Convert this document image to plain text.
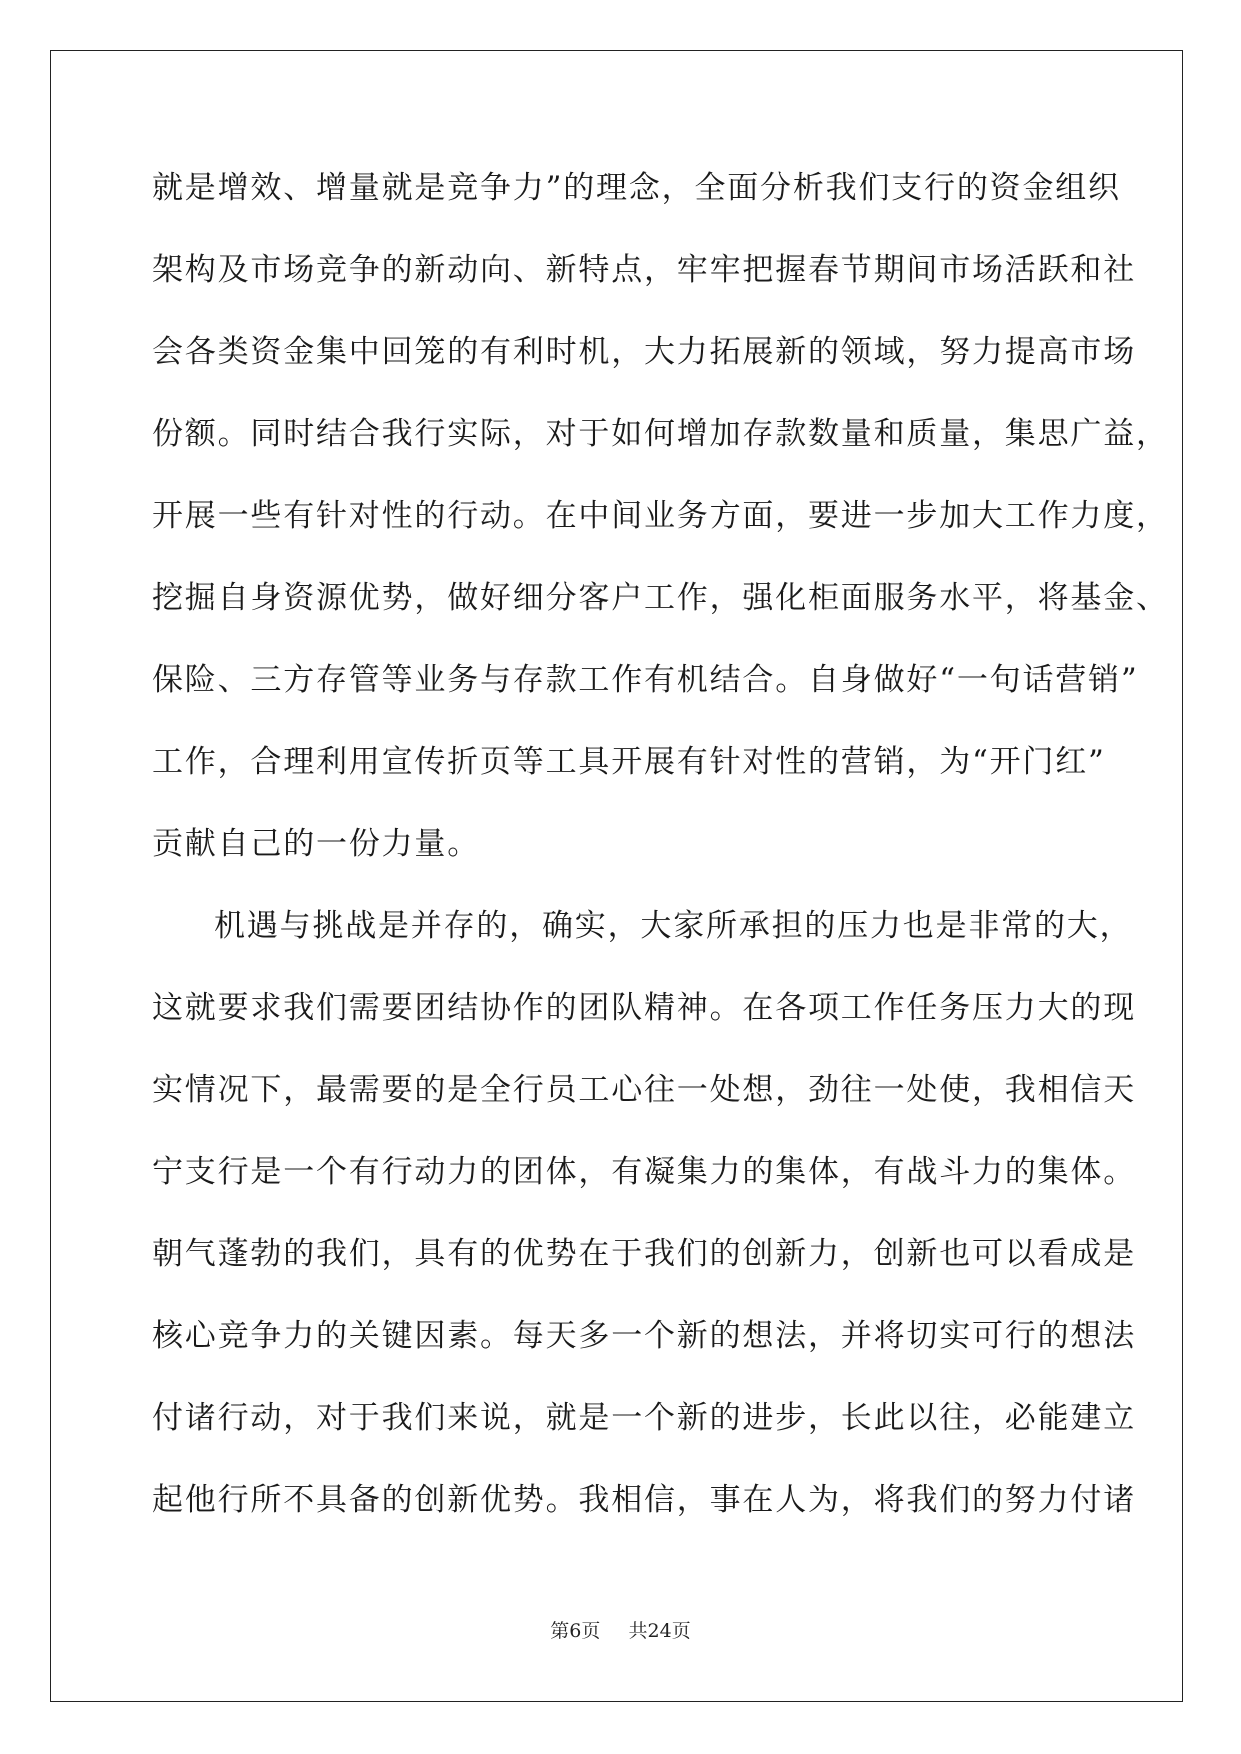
就是增效、增量就是竞争力”的理念，全面分析我们支行的资金组织
架构及市场竞争的新动向、新特点，牢牢把握春节期间市场活跃和社
会各类资金集中回笼的有利时机，大力拓展新的领域，努力提高市场
份额。同时结合我行实际，对于如何增加存款数量和质量，集思广益，
开展一些有针对性的行动。在中间业务方面，要进一步加大工作力度，
挖掘自身资源优势，做好细分客户工作，强化柜面服务水平，将基金、
保险、三方存管等业务与存款工作有机结合。自身做好“一句话营销”
工作，合理利用宣传折页等工具开展有针对性的营销，为“开门红”
贡献自己的一份力量。
机遇与挑战是并存的，确实，大家所承担的压力也是非常的大，
这就要求我们需要团结协作的团队精神。在各项工作任务压力大的现
实情况下，最需要的是全行员工心往一处想，劲往一处使，我相信天
宁支行是一个有行动力的团体，有凝集力的集体，有战斗力的集体。
朝气蓬勃的我们，具有的优势在于我们的创新力，创新也可以看成是
核心竞争力的关键因素。每天多一个新的想法，并将切实可行的想法
付诸行动，对于我们来说，就是一个新的进步，长此以往，必能建立
起他行所不具备的创新优势。我相信，事在人为，将我们的努力付诸
第6页 共24页
